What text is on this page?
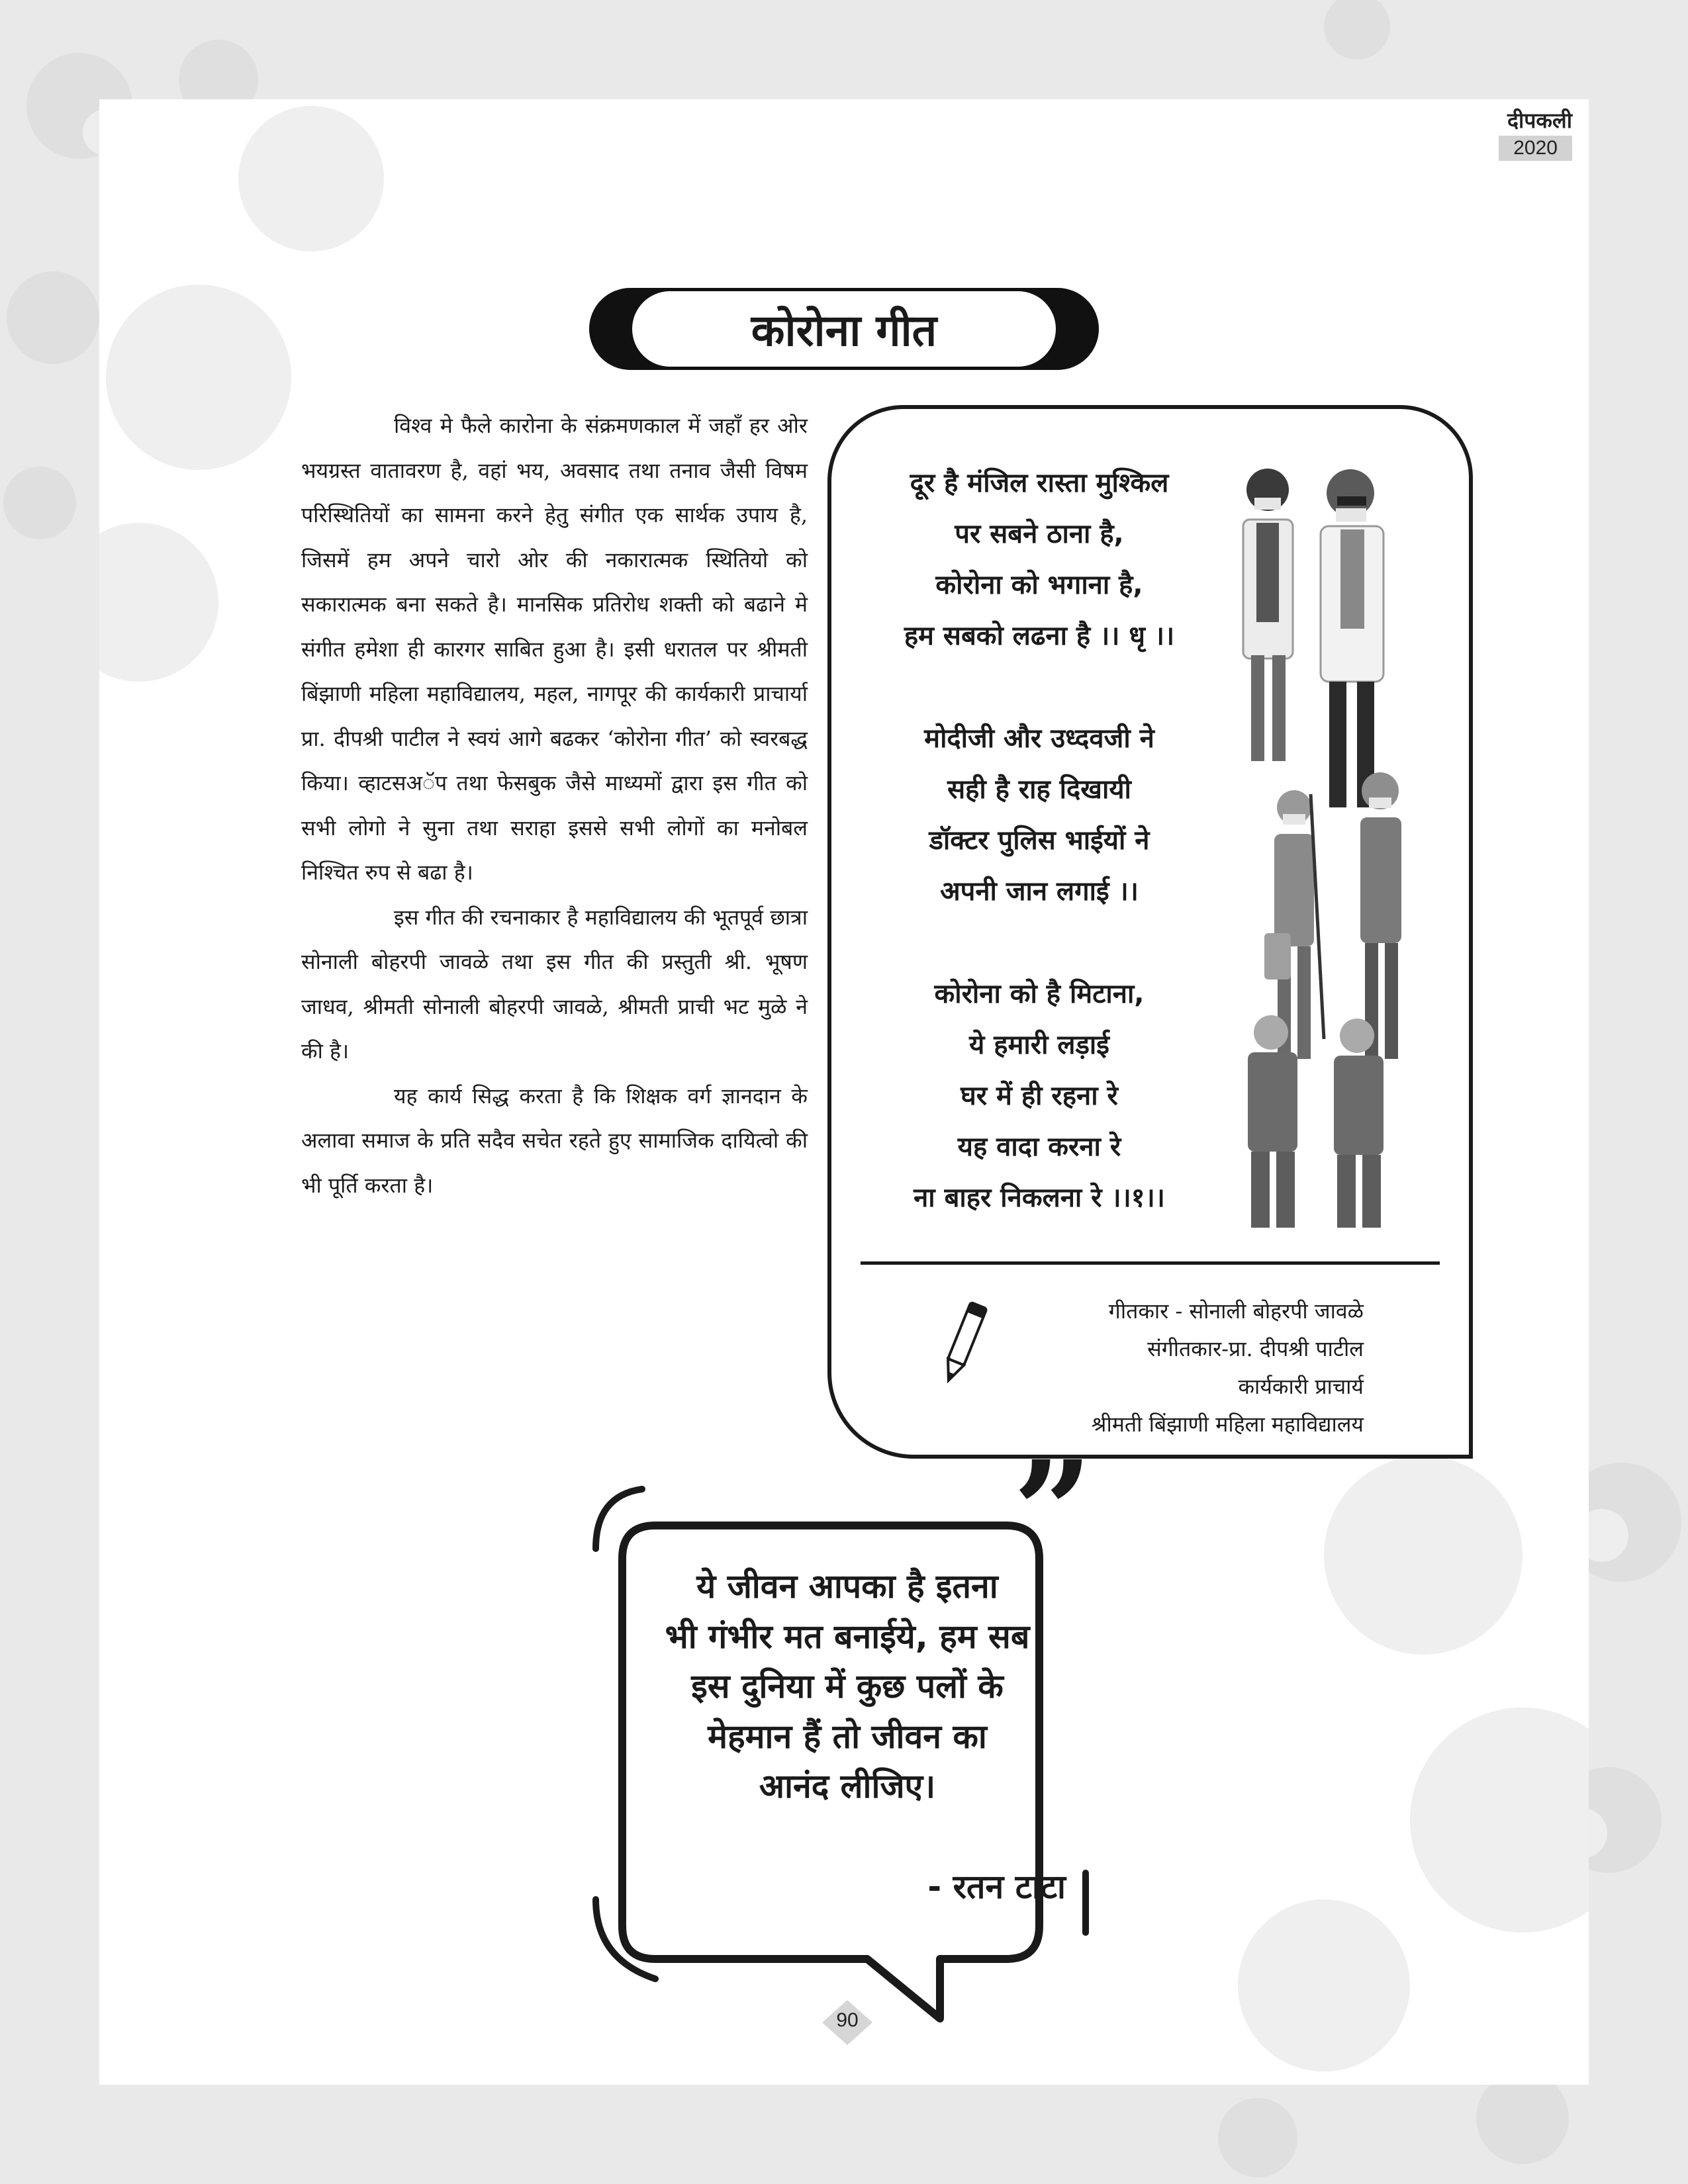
दीपकली
2020
कोरोना गीत

विश्व मे फैले कारोना के संक्रमणकाल में जहाँ हर ओर भयग्रस्त वातावरण है, वहां भय, अवसाद तथा तनाव जैसी विषम परिस्थितियों का सामना करने हेतु संगीत एक सार्थक उपाय है, जिसमें हम अपने चारो ओर की नकारात्मक स्थितियो को सकारात्मक बना सकते है। मानसिक प्रतिरोध शक्ती को बढाने मे संगीत हमेशा ही कारगर साबित हुआ है। इसी धरातल पर श्रीमती बिंझाणी महिला महाविद्यालय, महल, नागपूर की कार्यकारी प्राचार्या प्रा. दीपश्री पाटील ने स्वयं आगे बढकर ‘कोरोना गीत’ को स्वरबद्ध किया। व्हाटसअॅप तथा फेसबुक जैसे माध्यमों द्वारा इस गीत को सभी लोगो ने सुना तथा सराहा इससे सभी लोगों का मनोबल निश्चित रुप से बढा है।

इस गीत की रचनाकार है महाविद्यालय की भूतपूर्व छात्रा सोनाली बोहरपी जावळे तथा इस गीत की प्रस्तुती श्री. भूषण जाधव, श्रीमती सोनाली बोहरपी जावळे, श्रीमती प्राची भट मुळे ने की है।

यह कार्य सिद्ध करता है कि शिक्षक वर्ग ज्ञानदान के अलावा समाज के प्रति सदैव सचेत रहते हुए सामाजिक दायित्वो की भी पूर्ति करता है।

दूर है मंजिल रास्ता मुश्किल
पर सबने ठाना है,
कोरोना को भगाना है,
हम सबको लढना है ।। धृ ।।
मोदीजी और उध्दवजी ने
सही है राह दिखायी
डॉक्टर पुलिस भाईयों ने
अपनी जान लगाई ।।
कोरोना को है मिटाना,
ये हमारी लड़ाई
घर में ही रहना रे
यह वादा करना रे
ना बाहर निकलना रे ।।१।।
गीतकार - सोनाली बोहरपी जावळे
संगीतकार-प्रा. दीपश्री पाटील
कार्यकारी प्राचार्य
श्रीमती बिंझाणी महिला महाविद्यालय
”
ये जीवन आपका है इतना
भी गंभीर मत बनाईये, हम सब
इस दुनिया में कुछ पलों के
मेहमान हैं तो जीवन का
आनंद लीजिए।
- रतन टाटा
90
